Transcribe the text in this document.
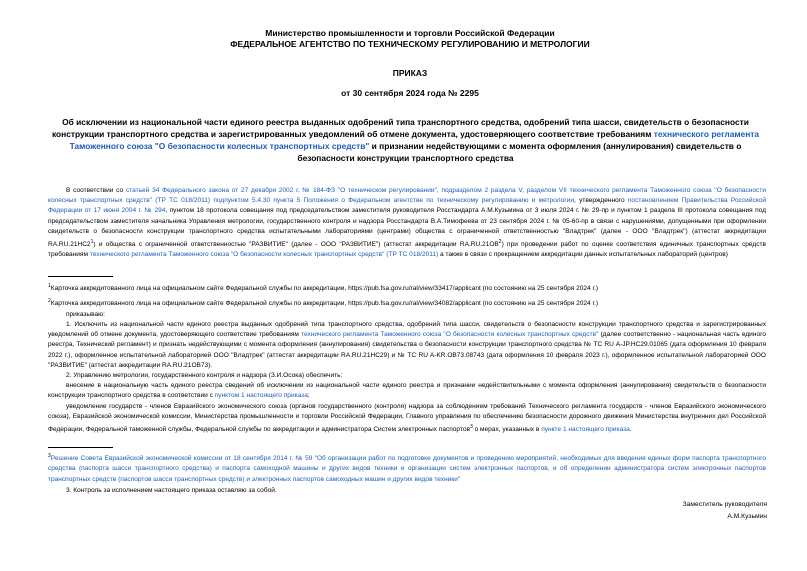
Министерство промышленности и торговли Российской Федерации
ФЕДЕРАЛЬНОЕ АГЕНТСТВО ПО ТЕХНИЧЕСКОМУ РЕГУЛИРОВАНИЮ И МЕТРОЛОГИИ
ПРИКАЗ
от 30 сентября 2024 года № 2295
Об исключении из национальной части единого реестра выданных одобрений типа транспортного средства, одобрений типа шасси, свидетельств о безопасности конструкции транспортного средства и зарегистрированных уведомлений об отмене документа, удостоверяющего соответствие требованиям технического регламента Таможенного союза "О безопасности колесных транспортных средств" и признании недействующими с момента оформления (аннулирования) свидетельств о безопасности конструкции транспортного средства
В соответствии со статьей 34 Федерального закона от 27 декабря 2002 г. № 184-ФЗ "О техническом регулировании", подразделом 2 раздела V, разделом VII технического регламента Таможенного союза "О безопасности колесных транспортных средств" (ТР ТС 018/2011) подпунктом 5.4.30 пункта 5 Положения о Федеральном агентстве по техническому регулированию и метрологии, утвержденного постановлением Правительства Российской Федерации от 17 июня 2004 г. № 294, пунктом 18 протокола совещания под председательством заместителя руководителя Росстандарта А.М.Кузьмина от 3 июля 2024 г. № 29-пр и пунктом 1 раздела III протокола совещания под председательством заместителя начальника Управления метрологии, государственного контроля и надзора Росстандарта В.А.Тимофеева от 23 сентября 2024 г. № 05-60-пр в связи с нарушениями, допущенными при оформлении свидетельств о безопасности конструкции транспортного средства испытательными лабораториями (центрами) общества с ограниченной ответственностью "Владтрек" (далее - ООО "Владтрек") (аттестат аккредитации $RA.RU.21НС2^1$) и общества с ограниченной ответственностью "РАЗВИТИЕ" (далее - ООО "РАЗВИТИЕ") (аттестат аккредитации $RA.RU.21ОВ^2$) при проведении работ по оценке соответствия единичных транспортных средств требованиям технического регламента Таможенного союза "О безопасности колесных транспортных средств" (ТР ТС 018/2011) а также в связи с прекращением аккредитации данных испытательных лабораторий (центров)
$^1$Карточка аккредитованного лица на официальном сайте Федеральной службы по аккредитации, https://pub.fsa.gov.ru/ral/view/33417/applicant (по состоянию на 25 сентября 2024 г.)
$^2$Карточка аккредитованного лица на официальном сайте Федеральной службы по аккредитации, https://pub.fsa.gov.ru/ral/view/34082/applicant (по состоянию на 25 сентября 2024 г.)
приказываю:
1. Исключить из национальной части единого реестра выданных одобрений типа транспортного средства, одобрений типа шасси, свидетельств о безопасности конструкции транспортного средства и зарегистрированных уведомлений об отмене документа, удостоверяющего соответствие требованиям технического регламента Таможенного союза "О безопасности колесных транспортных средств" (далее соответственно - национальная часть единого реестра, Технический регламент) и признать недействующими с момента оформления (аннулирования) свидетельства о безопасности конструкции транспортного средства № ТС RU A-JP.НС29.01065 (дата оформления 10 февраля 2022 г.), оформленное испытательной лабораторией ООО "Владтрек" (аттестат аккредитации RA.RU.21НС29) и № ТС RU A-KR.OB73.08743 (дата оформления 10 февраля 2023 г.), оформленное испытательной лабораторией ООО "РАЗВИТИЕ" (аттестат аккредитации RA.RU.21OB73).
2. Управлению метрологии, государственного контроля и надзора (З.И.Осока) обеспечить:
внесение в национальную часть единого реестра сведений об исключении из национальной части единого реестра и признании недействительными с момента оформления (аннулирования) свидетельств о безопасности конструкции транспортного средства в соответствии с пунктом 1 настоящего приказа;
уведомление государств - членов Евразийского экономического союза (органов государственного (контроля) надзора за соблюдением требований Технического регламента государств - членов Евразийского экономического союза), Евразийской экономической комиссии, Министерства промышленности и торговли Российской Федерации, Главного управления по обеспечению безопасности дорожного движения Министерства внутренних дел Российской Федерации, Федеральной таможенной службы, Федеральной службы по аккредитации и администратора Систем электронных паспортов$^3$ о мерах, указанных в пункте 1 настоящего приказа.
$^3$Решение Совета Евразийской экономической комиссии от 18 сентября 2014 г. № 59 "Об организации работ по подготовке документов и проведению мероприятий, необходимых для введения единых форм паспорта транспортного средства (паспорта шасси транспортного средства) и паспорта самоходной машины и других видов техники и организации систем электронных паспортов, и об определении администратора систем электронных паспортов транспортных средств (паспортов шасси транспортных средств) и электронных паспортов самоходных машин и других видов техники"
3. Контроль за исполнением настоящего приказа оставляю за собой.
Заместитель руководителя
А.М.Кузьмин
